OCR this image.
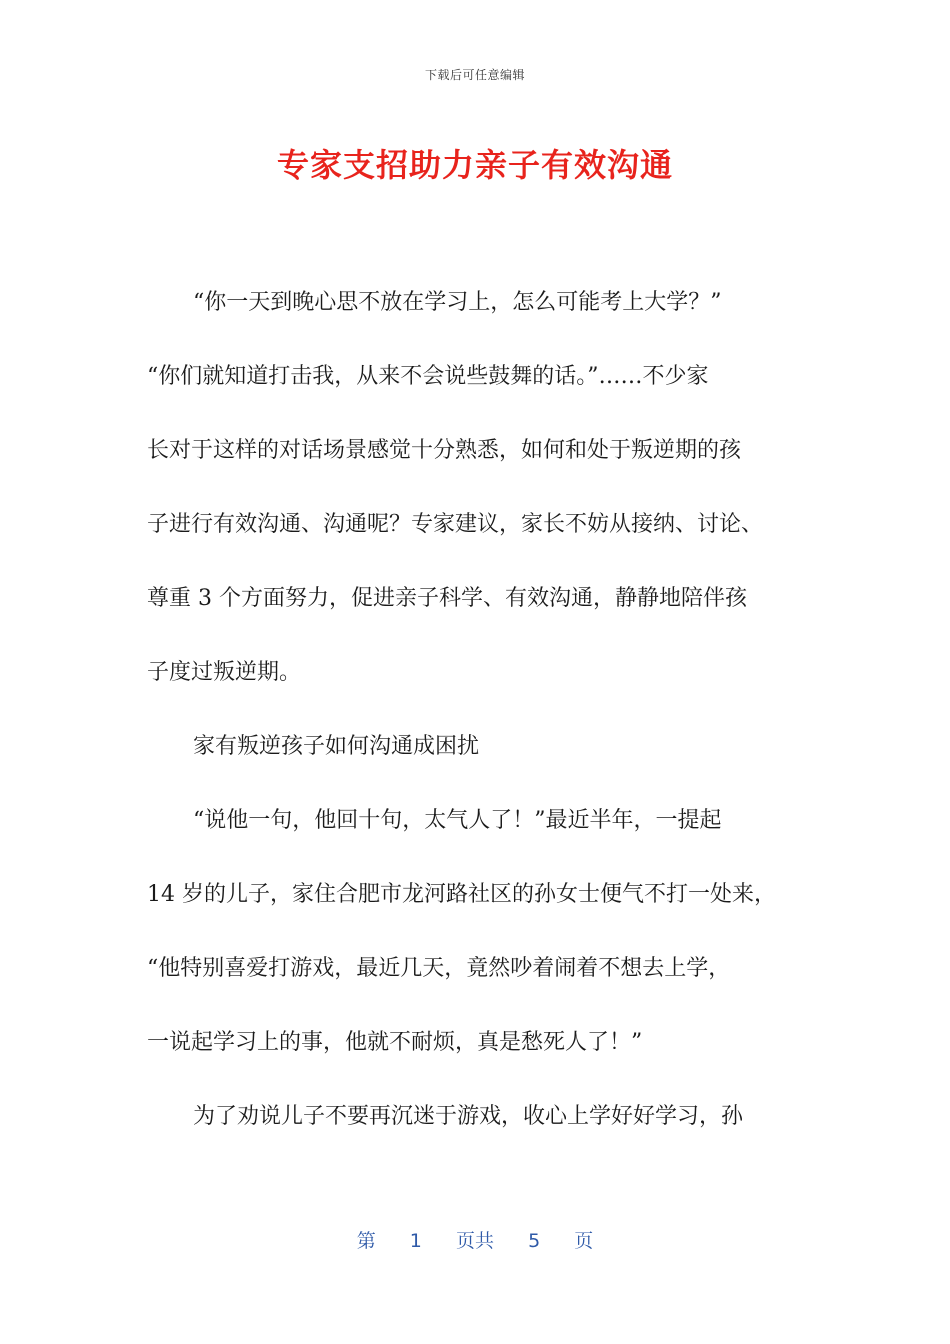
下载后可任意编辑
专家支招助力亲子有效沟通
“你一天到晚心思不放在学习上，怎么可能考上大学？”
“你们就知道打击我，从来不会说些鼓舞的话。”……不少家
长对于这样的对话场景感觉十分熟悉，如何和处于叛逆期的孩
子进行有效沟通、沟通呢？专家建议，家长不妨从接纳、讨论、
尊重 3 个方面努力，促进亲子科学、有效沟通，静静地陪伴孩
子度过叛逆期。
家有叛逆孩子如何沟通成困扰
“说他一句，他回十句，太气人了！”最近半年，一提起
14 岁的儿子，家住合肥市龙河路社区的孙女士便气不打一处来，
“他特别喜爱打游戏，最近几天，竟然吵着闹着不想去上学，
一说起学习上的事，他就不耐烦，真是愁死人了！”
为了劝说儿子不要再沉迷于游戏，收心上学好好学习，孙
第 1 页共 5 页
